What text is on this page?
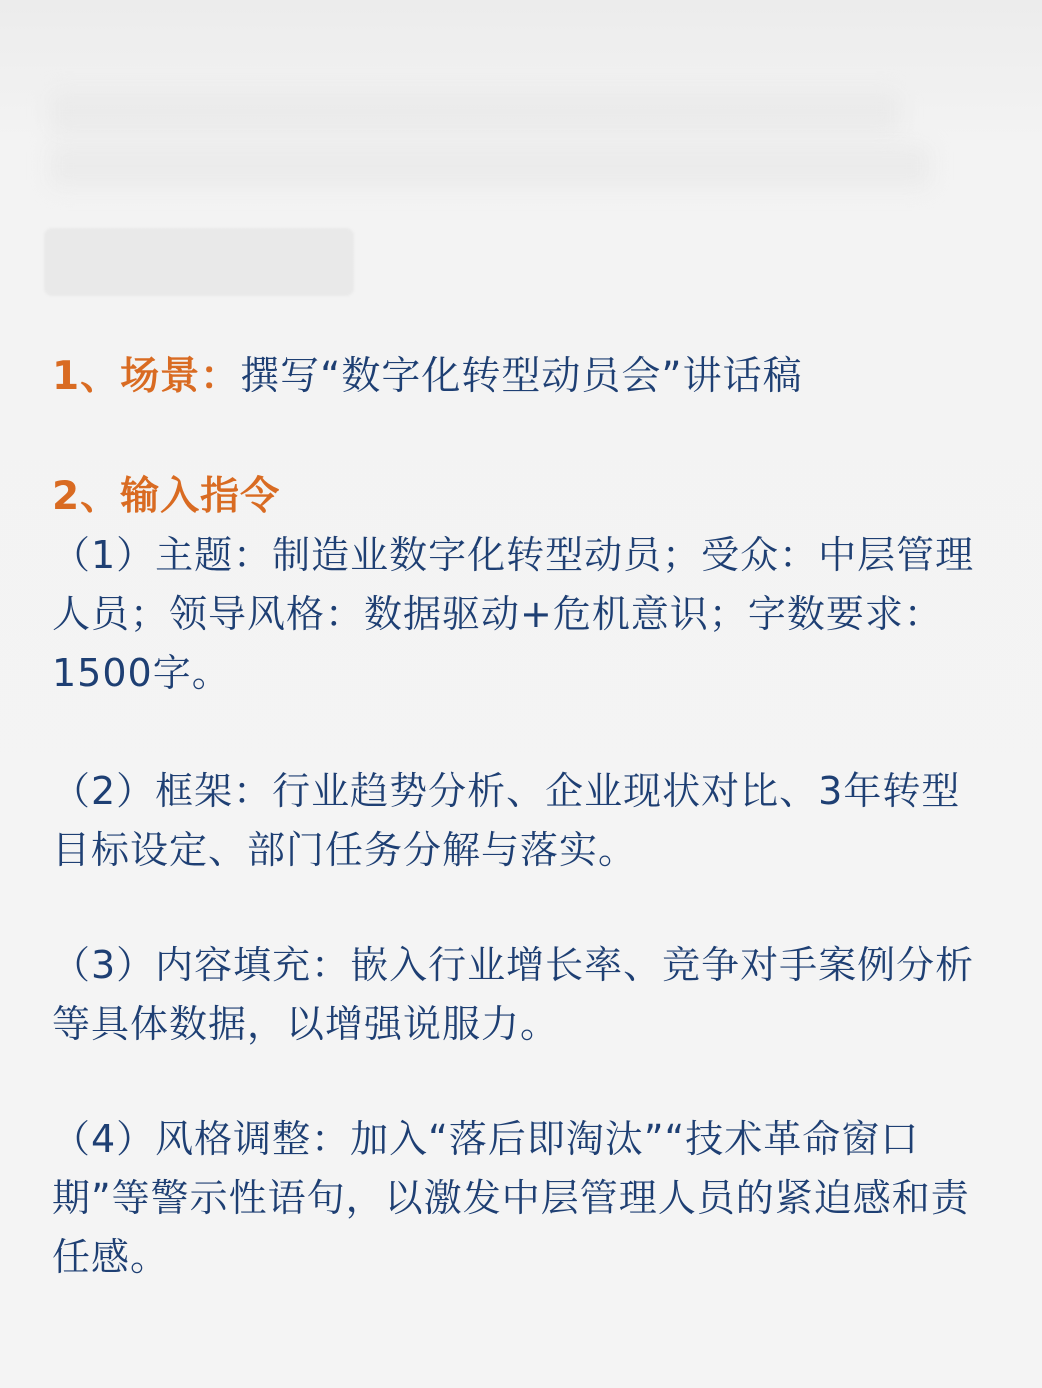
1、场景：撰写“数字化转型动员会”讲话稿

2、输入指令

（1）主题：制造业数字化转型动员；受众：中层管理人员；领导风格：数据驱动+危机意识；字数要求：1500字。

（2）框架：行业趋势分析、企业现状对比、3年转型目标设定、部门任务分解与落实。

（3）内容填充：嵌入行业增长率、竞争对手案例分析等具体数据，以增强说服力。

（4）风格调整：加入“落后即淘汰”“技术革命窗口期”等警示性语句，以激发中层管理人员的紧迫感和责任感。
